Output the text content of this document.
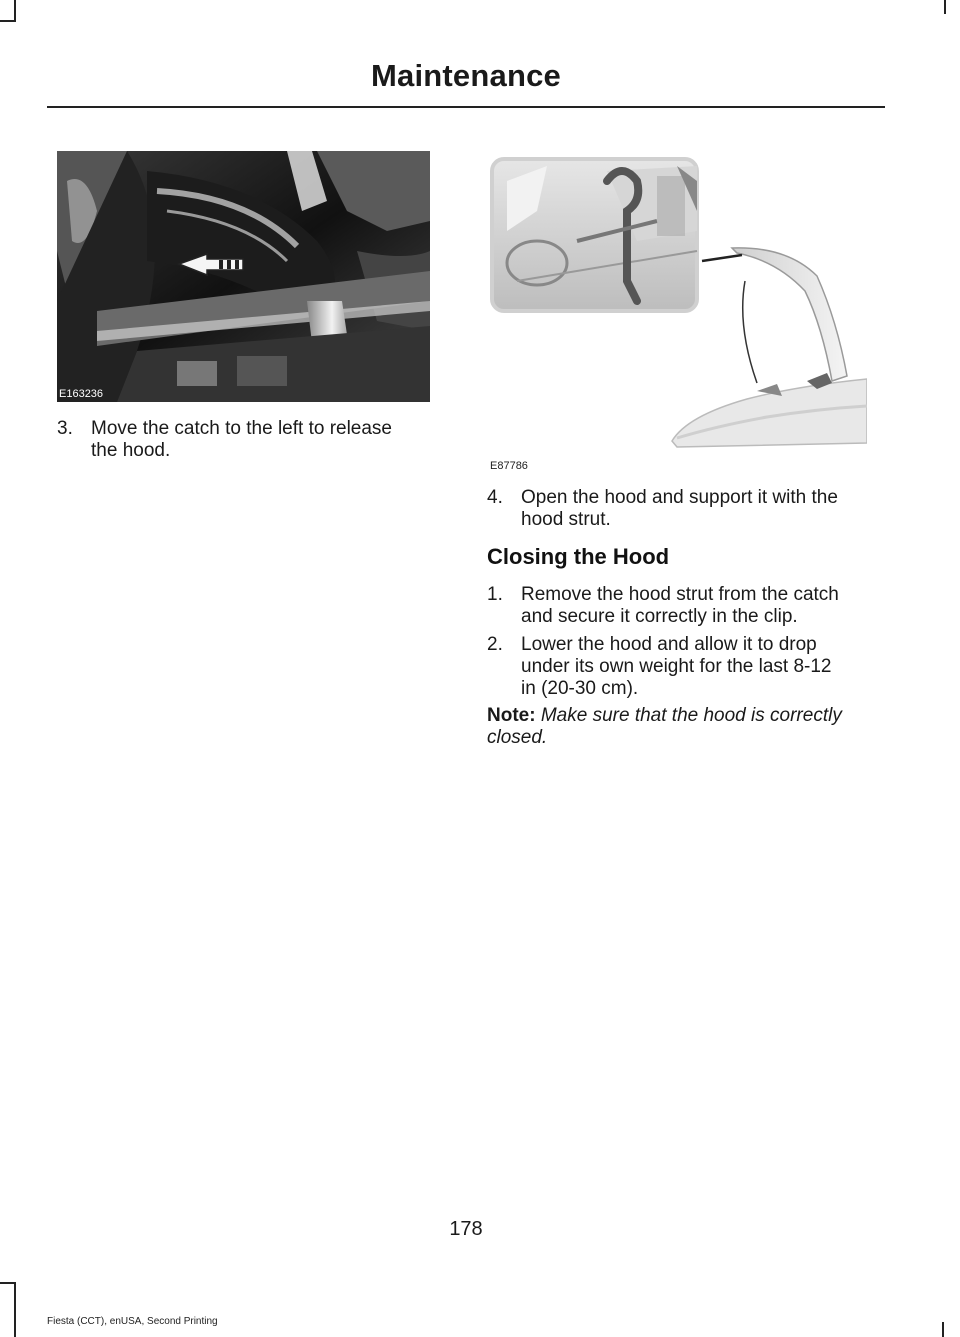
Maintenance
E163236
3. Move the catch to the left to release
the hood.
E87786
4. Open the hood and support it with the
hood strut.
Closing the Hood
1. Remove the hood strut from the catch
and secure it correctly in the clip.
2. Lower the hood and allow it to drop
under its own weight for the last 8-12
in (20-30 cm).
Note: Make sure that the hood is correctly
closed.
178
Fiesta (CCT), enUSA, Second Printing
